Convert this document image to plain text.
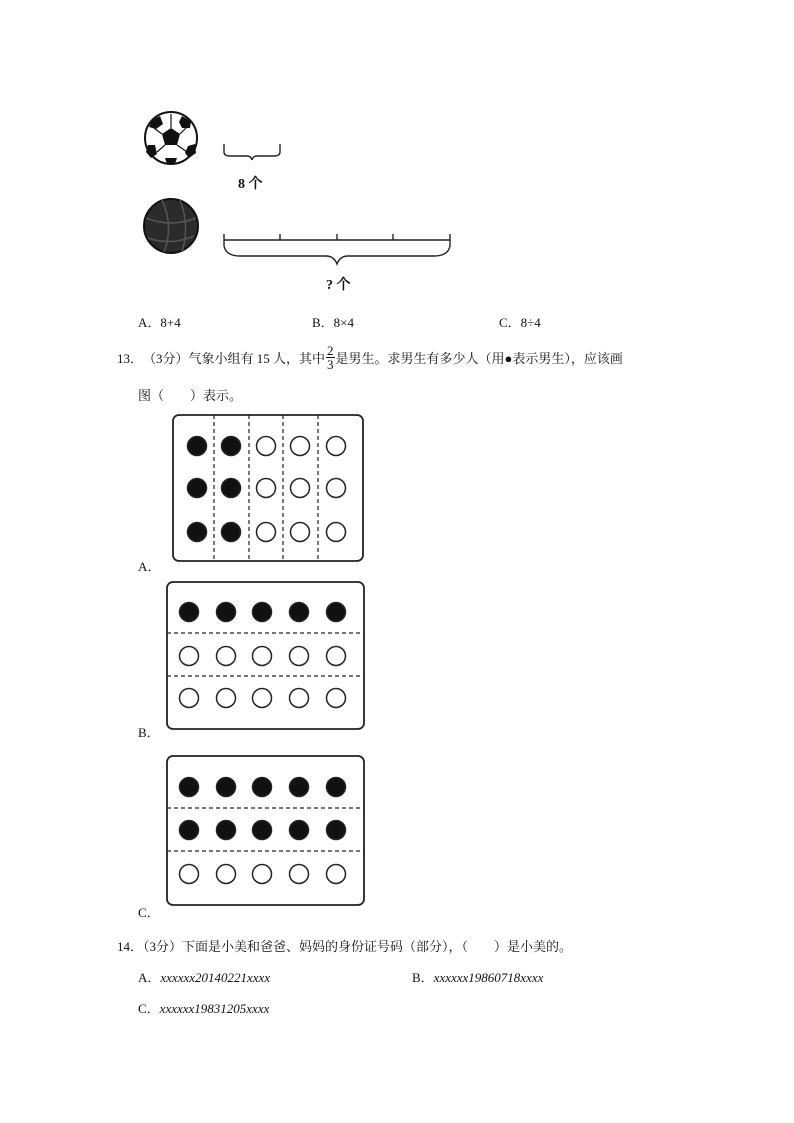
8 个
? 个
A．8+4	B．8×4	C．8÷4
13． （3分） 气象小组有 15 人，其中 $\frac{2}{3}$ 是男生。求男生有多少人（用●表示男生），应该画
图（　　）表示。
A．
B．
C．
14．（3分）下面是小美和爸爸、妈妈的身份证号码（部分），（　　）是小美的。
A．xxxxxx20140221xxxx	B．xxxxxx19860718xxxx
C．xxxxxx19831205xxxx
